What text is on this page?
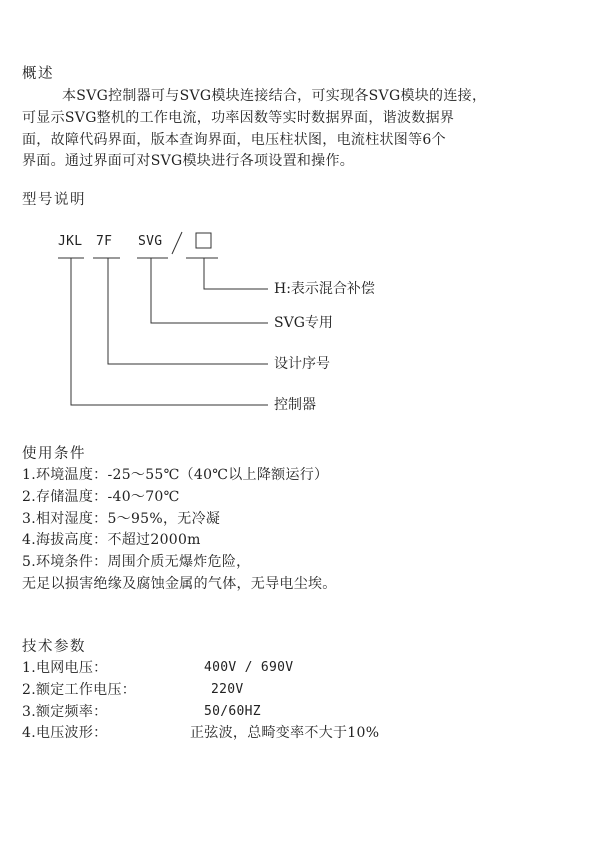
概述
本SVG控制器可与SVG模块连接结合，可实现各SVG模块的连接，
可显示SVG整机的工作电流，功率因数等实时数据界面，谐波数据界
面，故障代码界面，版本查询界面，电压柱状图，电流柱状图等6个
界面。通过界面可对SVG模块进行各项设置和操作。
型号说明
JKL 7F SVG
H:表示混合补偿
SVG专用
设计序号
控制器
使用条件
1.环境温度：-25～55℃（40℃以上降额运行）
2.存储温度：-40～70℃
3.相对湿度：5～95%，无冷凝
4.海拔高度：不超过2000m
5.环境条件：周围介质无爆炸危险，
无足以损害绝缘及腐蚀金属的气体，无导电尘埃。
技术参数
1.电网电压：	400V / 690V
2.额定工作电压：	220V
3.额定频率：	50/60HZ
4.电压波形：	正弦波，总畸变率不大于10%
